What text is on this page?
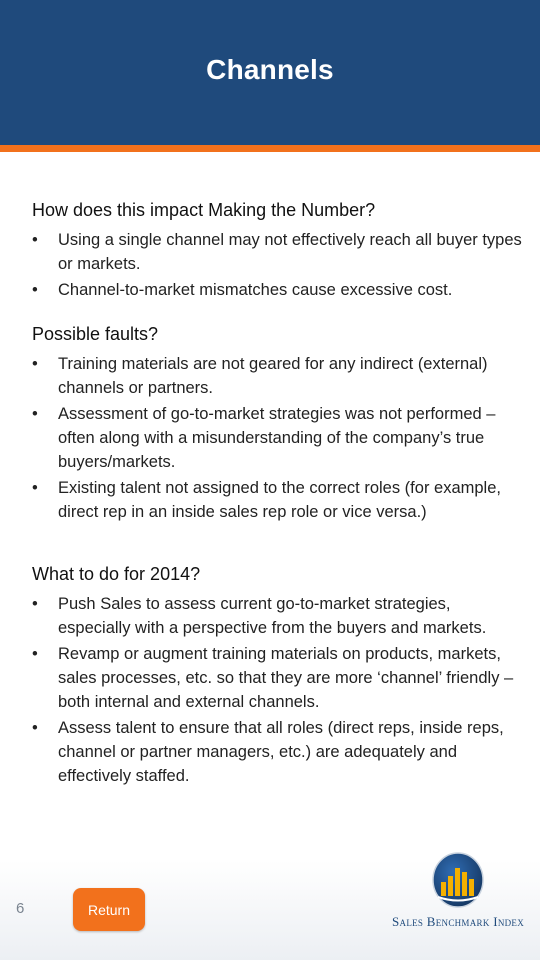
Channels
How does this impact Making the Number?
•	Using a single channel may not effectively reach all buyer types or markets.
•	Channel-to-market mismatches cause excessive cost.
Possible faults?
•	Training materials are not geared for any indirect (external) channels or partners.
•	Assessment of go-to-market strategies was not performed – often along with a misunderstanding of the company’s true buyers/markets.
•	Existing talent not assigned to the correct roles (for example, direct rep in an inside sales rep role or vice versa.)
What to do for 2014?
•	Push Sales to assess current go-to-market strategies, especially with a perspective from the buyers and markets.
•	Revamp or augment training materials on products, markets, sales processes, etc. so that they are more ‘channel’ friendly – both internal and external channels.
•	Assess talent to ensure that all roles (direct reps, inside reps, channel or partner managers, etc.) are adequately and effectively staffed.
6	Return
Sales Benchmark Index
